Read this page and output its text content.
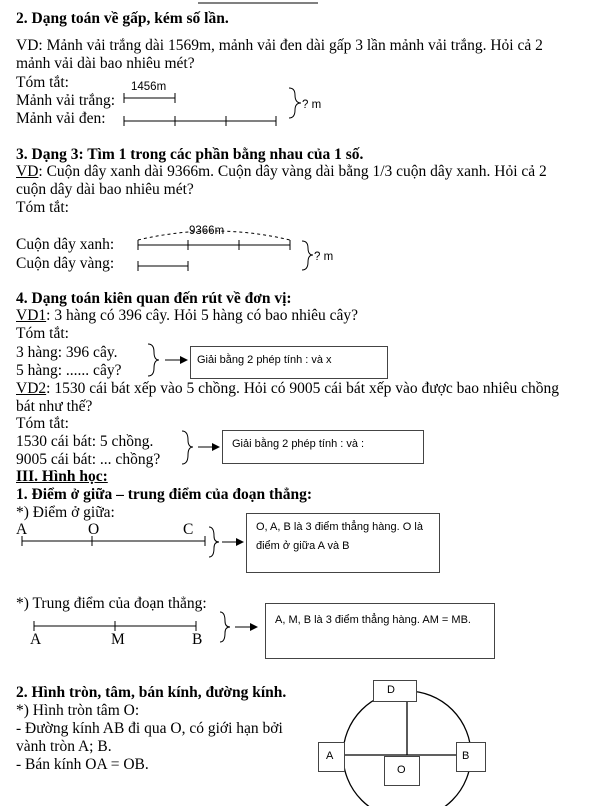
2. Dạng toán về gấp, kém số lần.
VD: Mảnh vải trắng dài 1569m, mảnh vải đen dài gấp 3 lần mảnh vải trắng. Hỏi cả 2
mảnh vải dài bao nhiêu mét?
Tóm tắt:	1456m
Mảnh vải trắng:
Mảnh vải đen:
? m
3. Dạng 3: Tìm 1 trong các phần bằng nhau của 1 số.
VD: Cuộn dây xanh dài 9366m. Cuộn dây vàng dài bằng 1/3 cuộn dây xanh. Hỏi cả 2
cuộn dây dài bao nhiêu mét?
Tóm tắt:
9366m
Cuộn dây xanh:
Cuộn dây vàng:	? m
4. Dạng toán kiên quan đến rút về đơn vị:
VD1: 3 hàng có 396 cây. Hỏi 5 hàng có bao nhiêu cây?
Tóm tắt:
3 hàng: 396 cây.
5 hàng: ...... cây?
Giải bằng 2 phép tính : và x
VD2: 1530 cái bát xếp vào 5 chồng. Hỏi có 9005 cái bát xếp vào được bao nhiêu chồng
bát như thế?
Tóm tắt:
1530 cái bát: 5 chồng.
9005 cái bát: ... chồng?
Giải bằng 2 phép tính : và :
III. Hình học:
1. Điểm ở giữa – trung điểm của đoạn thẳng:
*) Điểm ở giữa:
A	O	C	O, A, B là 3 điểm thẳng hàng. O là
điểm ở giữa A và B
*) Trung điểm của đoạn thẳng:
A	M	B
A, M, B là 3 điểm thẳng hàng. AM = MB.
2. Hình tròn, tâm, bán kính, đường kính.
*) Hình tròn tâm O:
- Đường kính AB đi qua O, có giới hạn bởi
vành tròn A; B.
- Bán kính OA = OB.
D
A	B
O
